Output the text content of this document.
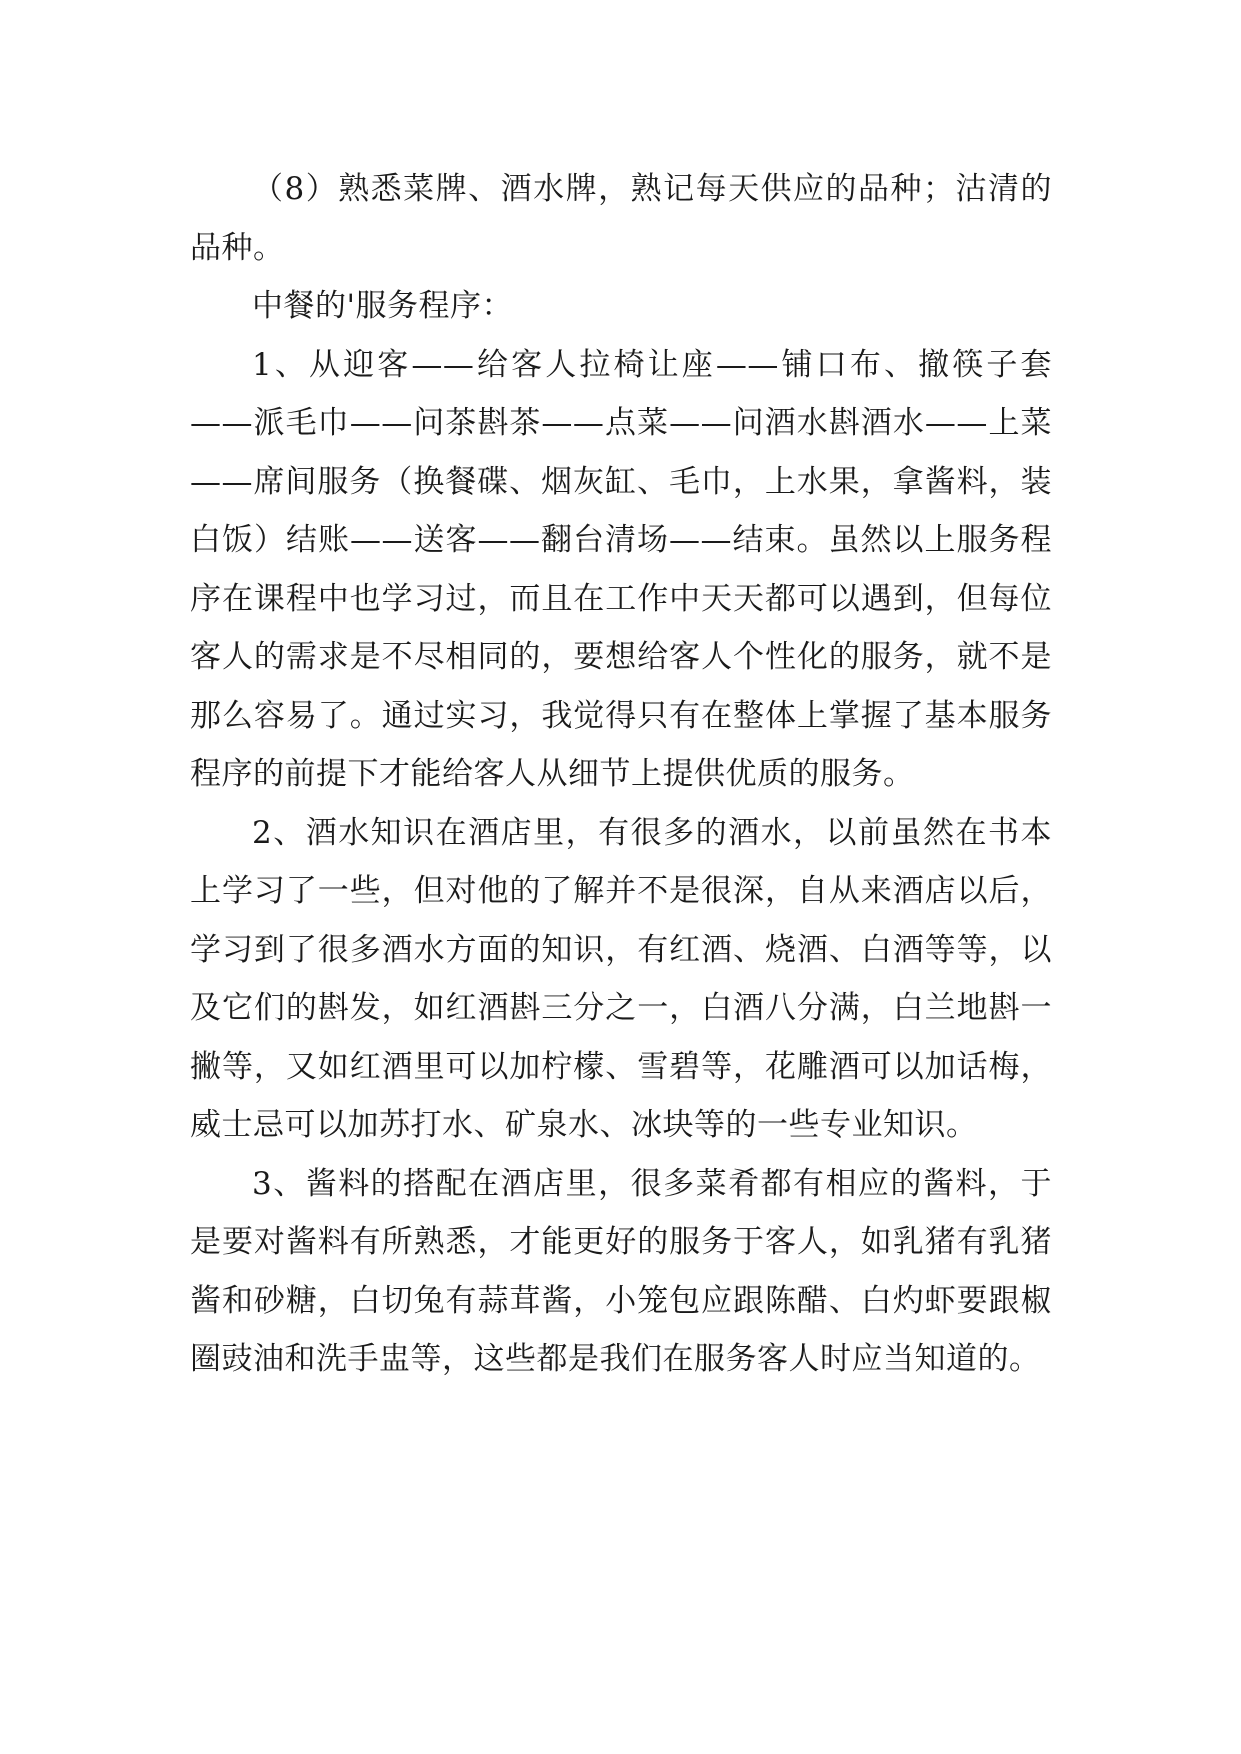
（8）熟悉菜牌、酒水牌，熟记每天供应的品种；沽清的品种。

中餐的'服务程序：

1、从迎客——给客人拉椅让座——铺口布、撤筷子套——派毛巾——问茶斟茶——点菜——问酒水斟酒水——上菜——席间服务（换餐碟、烟灰缸、毛巾，上水果，拿酱料，装白饭）结账——送客——翻台清场——结束。虽然以上服务程序在课程中也学习过，而且在工作中天天都可以遇到，但每位客人的需求是不尽相同的，要想给客人个性化的服务，就不是那么容易了。通过实习，我觉得只有在整体上掌握了基本服务程序的前提下才能给客人从细节上提供优质的服务。

2、酒水知识在酒店里，有很多的酒水，以前虽然在书本上学习了一些，但对他的了解并不是很深，自从来酒店以后，学习到了很多酒水方面的知识，有红酒、烧酒、白酒等等，以及它们的斟发，如红酒斟三分之一，白酒八分满，白兰地斟一撇等，又如红酒里可以加柠檬、雪碧等，花雕酒可以加话梅，威士忌可以加苏打水、矿泉水、冰块等的一些专业知识。

3、酱料的搭配在酒店里，很多菜肴都有相应的酱料，于是要对酱料有所熟悉，才能更好的服务于客人，如乳猪有乳猪酱和砂糖，白切兔有蒜茸酱，小笼包应跟陈醋、白灼虾要跟椒圈豉油和洗手盅等，这些都是我们在服务客人时应当知道的。
